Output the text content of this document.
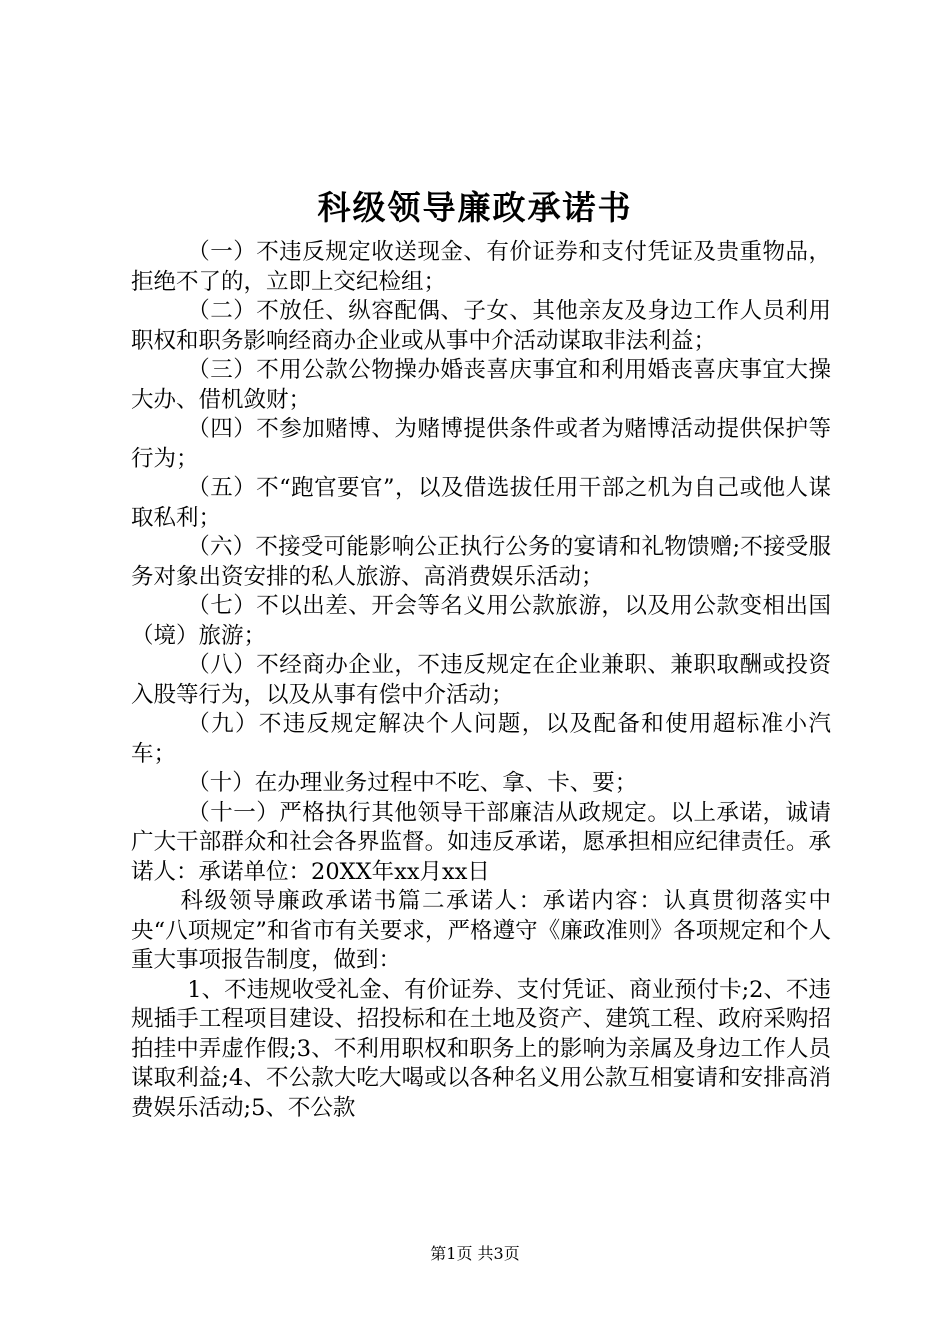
科级领导廉政承诺书

（一）不违反规定收送现金、有价证券和支付凭证及贵重物品，拒绝不了的，立即上交纪检组；

（二）不放任、纵容配偶、子女、其他亲友及身边工作人员利用职权和职务影响经商办企业或从事中介活动谋取非法利益；

（三）不用公款公物操办婚丧喜庆事宜和利用婚丧喜庆事宜大操大办、借机敛财；

（四）不参加赌博、为赌博提供条件或者为赌博活动提供保护等行为；

（五）不“跑官要官”，以及借选拔任用干部之机为自己或他人谋取私利；

（六）不接受可能影响公正执行公务的宴请和礼物馈赠;不接受服务对象出资安排的私人旅游、高消费娱乐活动；

（七）不以出差、开会等名义用公款旅游，以及用公款变相出国（境）旅游；

（八）不经商办企业，不违反规定在企业兼职、兼职取酬或投资入股等行为，以及从事有偿中介活动；

（九）不违反规定解决个人问题，以及配备和使用超标准小汽车；

（十）在办理业务过程中不吃、拿、卡、要；

（十一）严格执行其他领导干部廉洁从政规定。以上承诺，诚请广大干部群众和社会各界监督。如违反承诺，愿承担相应纪律责任。承诺人：承诺单位：20XX年xx月xx日

科级领导廉政承诺书篇二承诺人：承诺内容：认真贯彻落实中央“八项规定”和省市有关要求，严格遵守《廉政准则》各项规定和个人重大事项报告制度，做到：

1、不违规收受礼金、有价证券、支付凭证、商业预付卡;2、不违规插手工程项目建设、招投标和在土地及资产、建筑工程、政府采购招拍挂中弄虚作假;3、不利用职权和职务上的影响为亲属及身边工作人员谋取利益;4、不公款大吃大喝或以各种名义用公款互相宴请和安排高消费娱乐活动;5、不公款

第1页 共3页
